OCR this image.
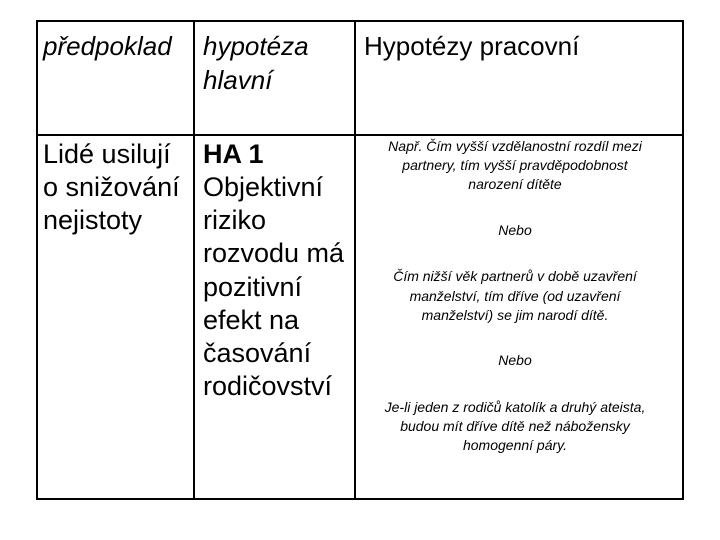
předpoklad hypotéza
hlavní
Hypotézy pracovní
Lidé usilují
o snižování
nejistoty
HA 1
Objektivní
riziko
rozvodu má
pozitivní
efekt na
časování
rodičovství
Např. Čím vyšší vzdělanostní rozdíl mezi
partnery, tím vyšší pravděpodobnost
narození dítěte
Nebo
Čím nižší věk partnerů v době uzavření
manželství, tím dříve (od uzavření
manželství) se jim narodí dítě.
Nebo
Je-li jeden z rodičů katolík a druhý ateista,
budou mít dříve dítě než nábožensky
homogenní páry.
